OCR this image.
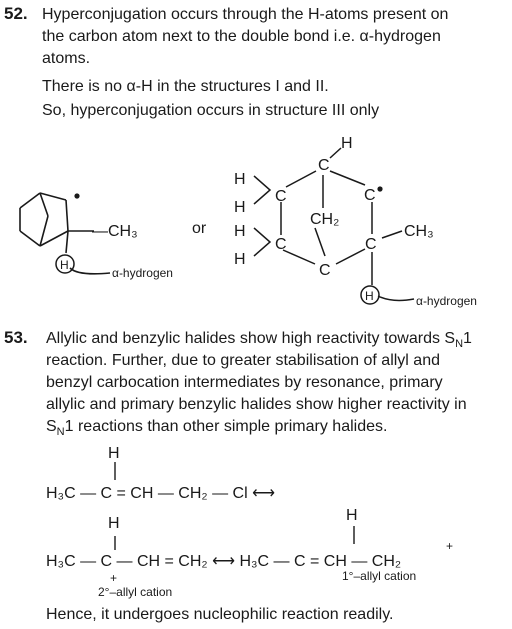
52. Hyperconjugation occurs through the H-atoms present on
the carbon atom next to the double bond i.e. α-hydrogen
atoms.
There is no α-H in the structures I and II.
So, hyperconjugation occurs in structure III only
—CH₃
H
α-hydrogen
or
H
C
C	C
CH₂
C	C
C
H
H
H
H
CH₃
H	α-hydrogen
53. Allylic and benzylic halides show high reactivity towards $S_N1$
reaction. Further, due to greater stabilisation of allyl and
benzyl carbocation intermediates by resonance, primary
allylic and primary benzylic halides show higher reactivity in
$S_N1$ reactions than other simple primary halides.
H
H₃C — C = CH — CH₂ — Cl ⟷
H	H
H₃C — C — CH = CH₂ ⟷ H₃C — C = CH — CH₂
+
+
2°–allyl cation
1°–allyl cation
Hence, it undergoes nucleophilic reaction readily.
